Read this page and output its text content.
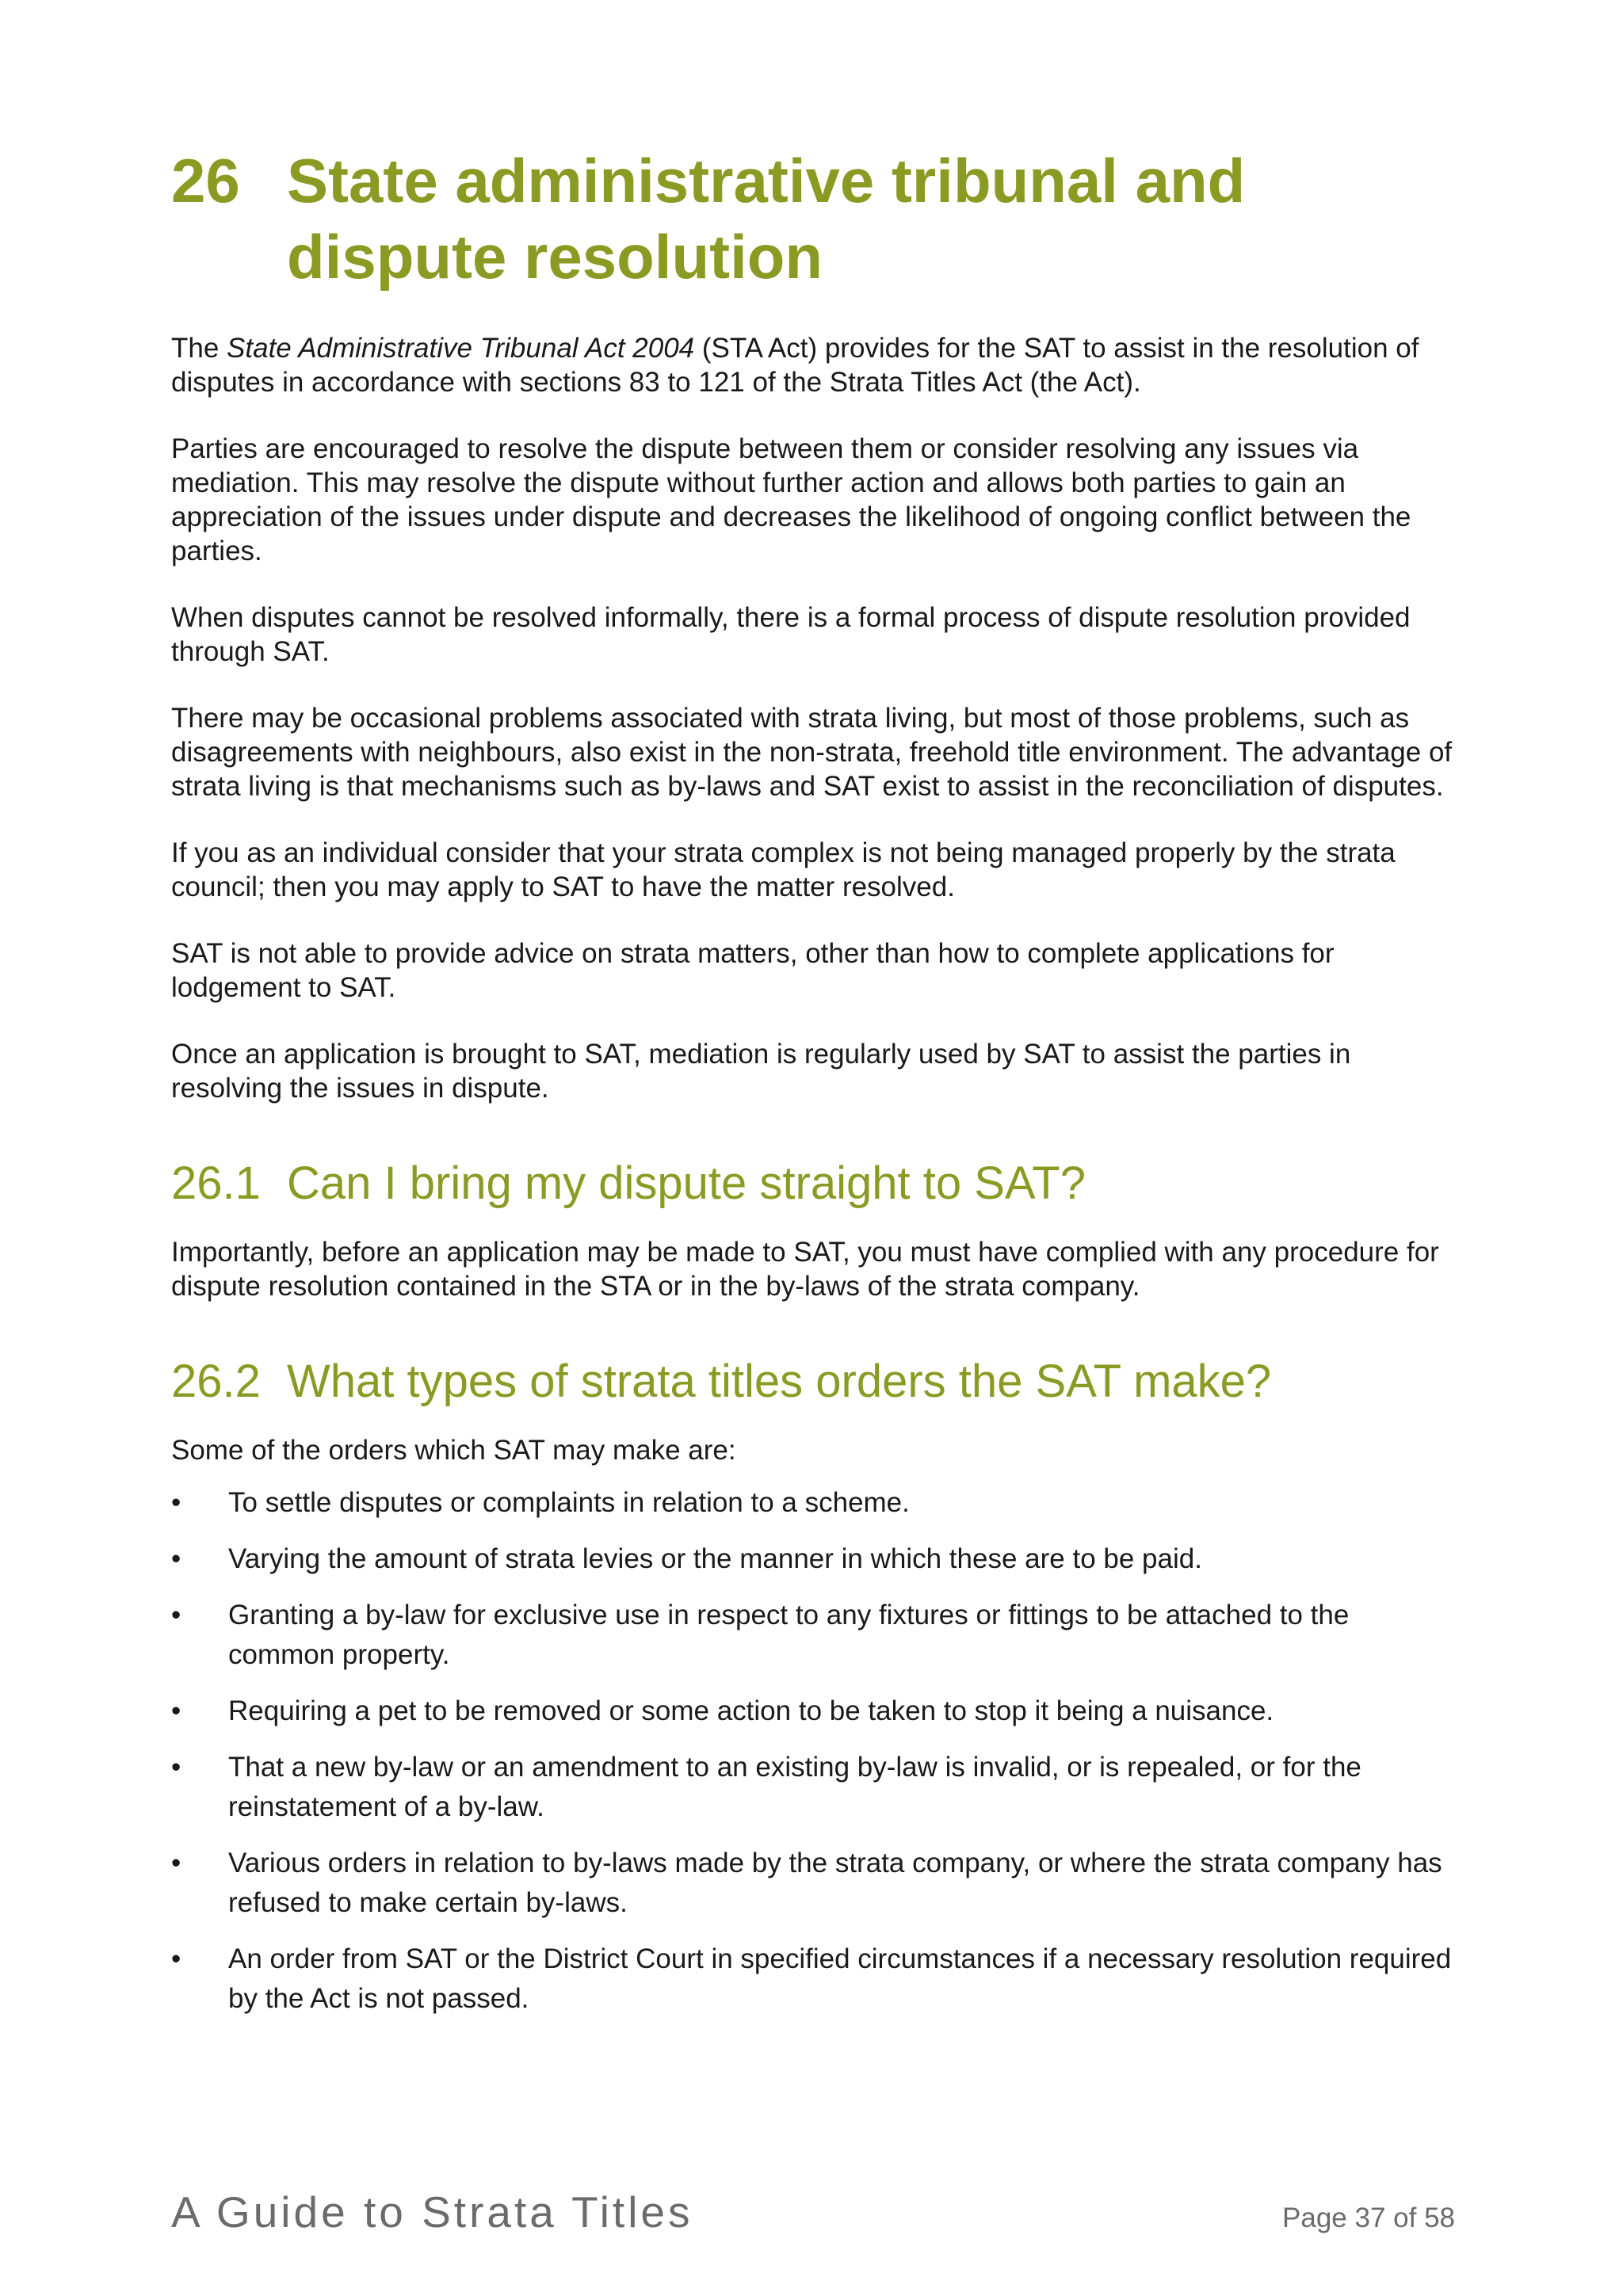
26 State administrative tribunal and dispute resolution

The State Administrative Tribunal Act 2004 (STA Act) provides for the SAT to assist in the resolution of disputes in accordance with sections 83 to 121 of the Strata Titles Act (the Act).

Parties are encouraged to resolve the dispute between them or consider resolving any issues via mediation. This may resolve the dispute without further action and allows both parties to gain an appreciation of the issues under dispute and decreases the likelihood of ongoing conflict between the parties.

When disputes cannot be resolved informally, there is a formal process of dispute resolution provided through SAT.

There may be occasional problems associated with strata living, but most of those problems, such as disagreements with neighbours, also exist in the non-strata, freehold title environment. The advantage of strata living is that mechanisms such as by-laws and SAT exist to assist in the reconciliation of disputes.

If you as an individual consider that your strata complex is not being managed properly by the strata council; then you may apply to SAT to have the matter resolved.

SAT is not able to provide advice on strata matters, other than how to complete applications for lodgement to SAT.

Once an application is brought to SAT, mediation is regularly used by SAT to assist the parties in resolving the issues in dispute.

26.1 Can I bring my dispute straight to SAT?

Importantly, before an application may be made to SAT, you must have complied with any procedure for dispute resolution contained in the STA or in the by-laws of the strata company.

26.2 What types of strata titles orders the SAT make?

Some of the orders which SAT may make are:

•	To settle disputes or complaints in relation to a scheme.
•	Varying the amount of strata levies or the manner in which these are to be paid.
•	Granting a by-law for exclusive use in respect to any fixtures or fittings to be attached to the common property.
•	Requiring a pet to be removed or some action to be taken to stop it being a nuisance.
•	That a new by-law or an amendment to an existing by-law is invalid, or is repealed, or for the reinstatement of a by-law.
•	Various orders in relation to by-laws made by the strata company, or where the strata company has refused to make certain by-laws.
•	An order from SAT or the District Court in specified circumstances if a necessary resolution required by the Act is not passed.
A Guide to Strata Titles	Page 37 of 58
